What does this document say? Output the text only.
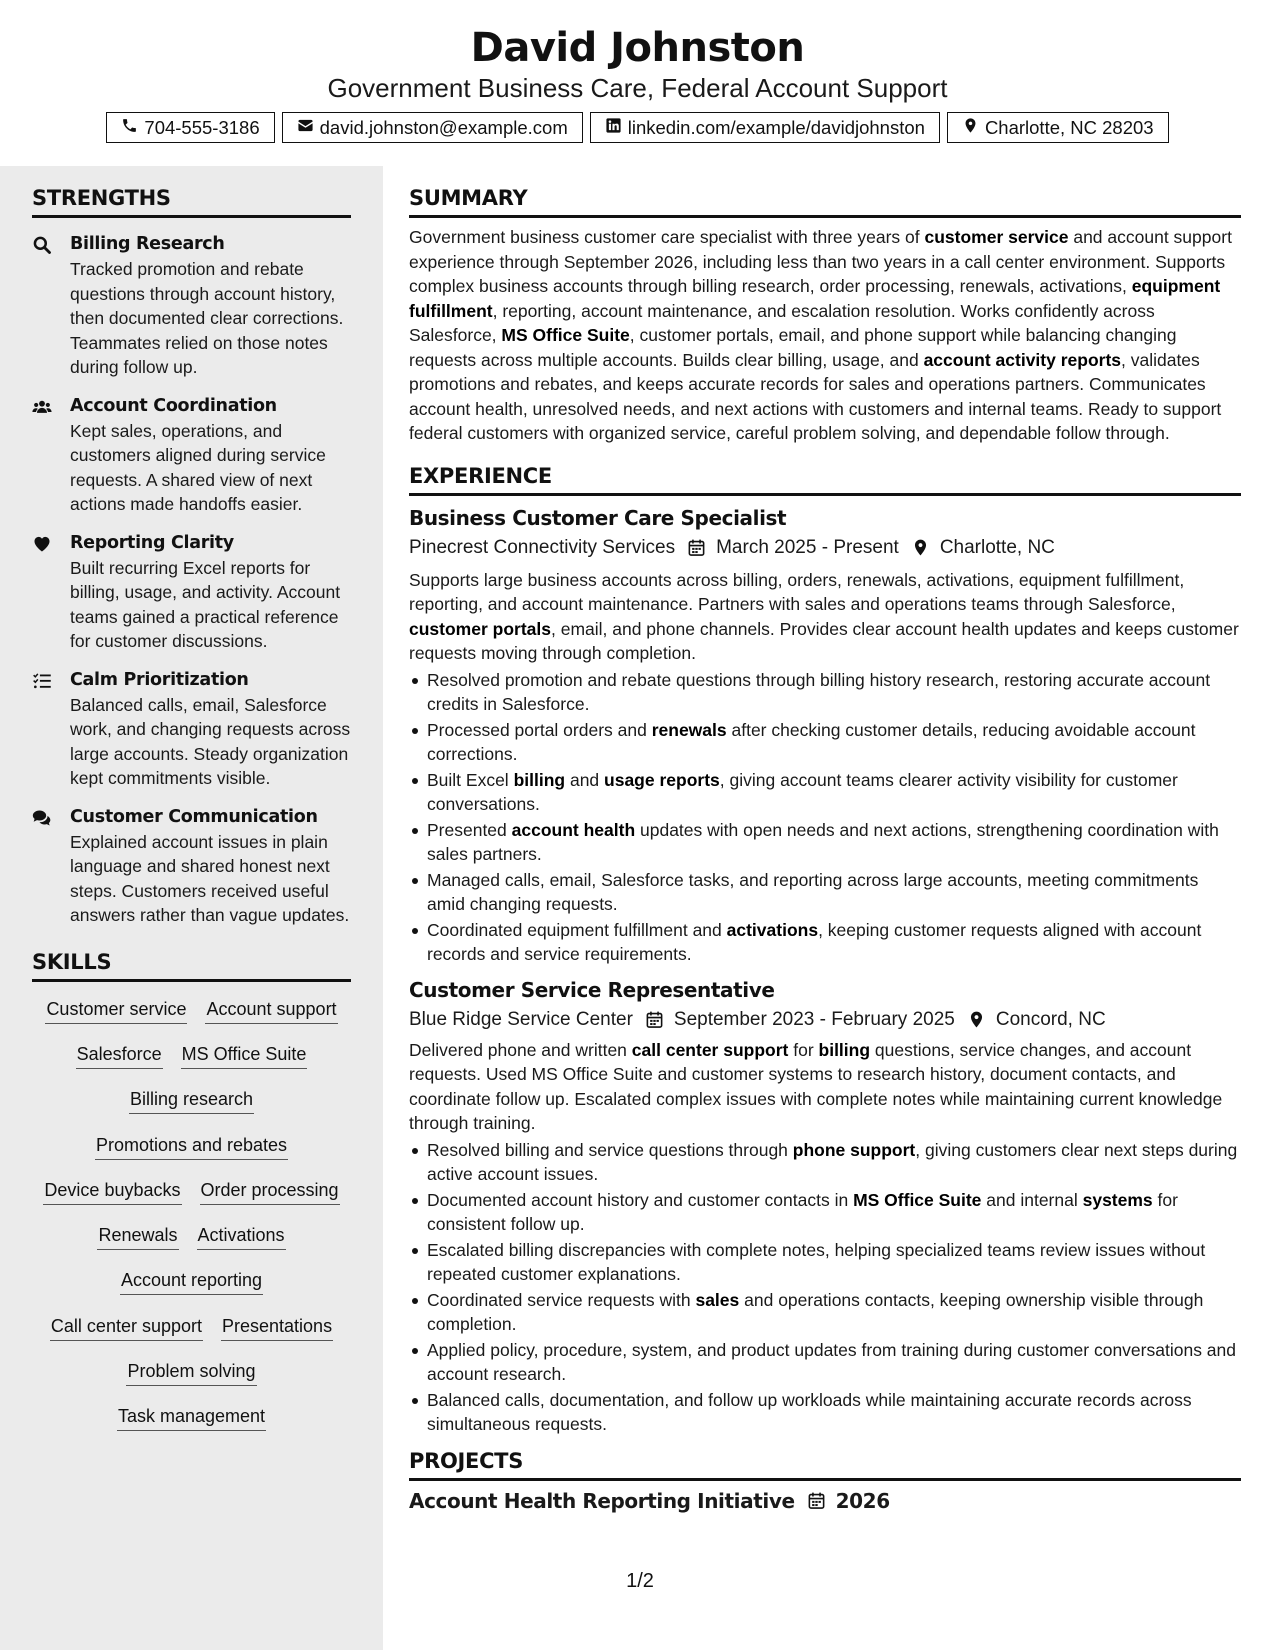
David Johnston
Government Business Care, Federal Account Support
704-555-3186	david.johnston@example.com	linkedin.com/example/davidjohnston	Charlotte, NC 28203
STRENGTHS
Billing Research
Tracked promotion and rebate questions through account history, then documented clear corrections. Teammates relied on those notes during follow up.
Account Coordination
Kept sales, operations, and customers aligned during service requests. A shared view of next actions made handoffs easier.
Reporting Clarity
Built recurring Excel reports for billing, usage, and activity. Account teams gained a practical reference for customer discussions.
Calm Prioritization
Balanced calls, email, Salesforce work, and changing requests across large accounts. Steady organization kept commitments visible.
Customer Communication
Explained account issues in plain language and shared honest next steps. Customers received useful answers rather than vague updates.
SKILLS
Customer service Account support
Salesforce MS Office Suite
Billing research
Promotions and rebates
Device buybacks Order processing
Renewals Activations
Account reporting
Call center support Presentations
Problem solving
Task management
SUMMARY

Government business customer care specialist with three years of customer service and account support experience through September 2026, including less than two years in a call center environment. Supports complex business accounts through billing research, order processing, renewals, activations, equipment fulfillment, reporting, account maintenance, and escalation resolution. Works confidently across Salesforce, MS Office Suite, customer portals, email, and phone support while balancing changing requests across multiple accounts. Builds clear billing, usage, and account activity reports, validates promotions and rebates, and keeps accurate records for sales and operations partners. Communicates account health, unresolved needs, and next actions with customers and internal teams. Ready to support federal customers with organized service, careful problem solving, and dependable follow through.

EXPERIENCE
Business Customer Care Specialist
Pinecrest Connectivity Services March 2025 - Present Charlotte, NC

Supports large business accounts across billing, orders, renewals, activations, equipment fulfillment, reporting, and account maintenance. Partners with sales and operations teams through Salesforce, customer portals, email, and phone channels. Provides clear account health updates and keeps customer requests moving through completion.

Resolved promotion and rebate questions through billing history research, restoring accurate account credits in Salesforce.
Processed portal orders and renewals after checking customer details, reducing avoidable account corrections.
Built Excel billing and usage reports, giving account teams clearer activity visibility for customer conversations.
Presented account health updates with open needs and next actions, strengthening coordination with sales partners.
Managed calls, email, Salesforce tasks, and reporting across large accounts, meeting commitments amid changing requests.
Coordinated equipment fulfillment and activations, keeping customer requests aligned with account records and service requirements.
Customer Service Representative
Blue Ridge Service Center September 2023 - February 2025 Concord, NC

Delivered phone and written call center support for billing questions, service changes, and account requests. Used MS Office Suite and customer systems to research history, document contacts, and coordinate follow up. Escalated complex issues with complete notes while maintaining current knowledge through training.

Resolved billing and service questions through phone support, giving customers clear next steps during active account issues.
Documented account history and customer contacts in MS Office Suite and internal systems for consistent follow up.
Escalated billing discrepancies with complete notes, helping specialized teams review issues without repeated customer explanations.
Coordinated service requests with sales and operations contacts, keeping ownership visible through completion.
Applied policy, procedure, system, and product updates from training during customer conversations and account research.
Balanced calls, documentation, and follow up workloads while maintaining accurate records across simultaneous requests.
PROJECTS
Account Health Reporting Initiative 2026
1/2
